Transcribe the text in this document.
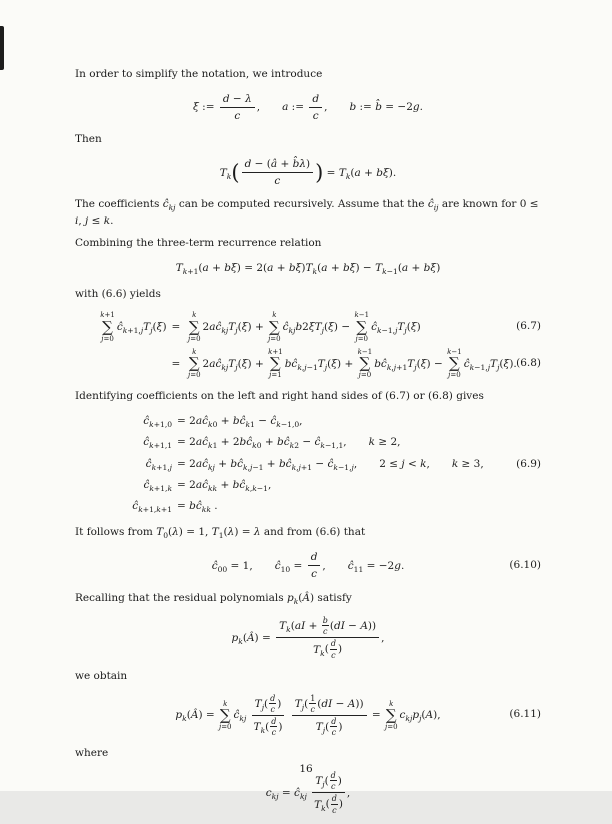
In order to simplify the notation, we introduce

ξ := $\frac{d - \lambda}{c}$ , a := $\frac{d}{c}$ , b := b̂ = −2g.

Then

$T_k( \frac{d - (â + b̂\lambda)}{c}$ ) = $T_k(a + b\xi)$.

The coefficients $ĉ_{kj}$ can be computed recursively. Assume that the $ĉ_{ij}$ are known for 0 ≤ i, j ≤ k.

Combining the three-term recurrence relation

$T_{k+1}(a + b\xi) = 2(a + b\xi)T_k(a + b\xi) - T_{k-1}(a + b\xi)$

with (6.6) yields

k+1
∑
j=0
$ĉ_{k+1,j}T_j(\xi)$ =
k
∑
j=0
$2aĉ_{kj}T_j(\xi)$ +
k
∑
j=0
$ĉ_{kj}b2\xi T_j(\xi)$ −
k−1
∑
j=0
$ĉ_{k-1,j}T_j(\xi)$
=
k
∑
j=0
$2aĉ_{kj}T_j(\xi)$ +
k+1
∑
j=1
$bĉ_{k,j-1}T_j(\xi)$ +
k−1
∑
j=0
$bĉ_{k,j+1}T_j(\xi)$ −
k−1
∑
j=0
$ĉ_{k-1,j}T_j(\xi)$.
(6.7)
(6.8)

Identifying coefficients on the left and right hand sides of (6.7) or (6.8) gives

$ĉ_{k+1,0}$ = $2aĉ_{k0}$ + $bĉ_{k1}$ − $ĉ_{k-1,0}$,
$ĉ_{k+1,1}$ = $2aĉ_{k1}$ + $2bĉ_{k0}$ + $bĉ_{k2}$ − $ĉ_{k-1,1}$, k ≥ 2,
$ĉ_{k+1,j}$ = $2aĉ_{kj}$ + $bĉ_{k,j-1}$ + $bĉ_{k,j+1}$ − $ĉ_{k-1,j}$, 2 ≤ j < k, k ≥ 3,
$ĉ_{k+1,k}$ = $2aĉ_{kk}$ + $bĉ_{k,k-1}$,
$ĉ_{k+1,k+1}$ = $bĉ_{kk}$ .
(6.9)

It follows from $T_0(\lambda) = 1$, $T_1(\lambda) = \lambda$ and from (6.6) that

$ĉ_{00} = 1$, $ĉ_{10} = \frac{d}{c}$ , $ĉ_{11} = -2g$.	(6.10)

Recalling that the residual polynomials $p_k(Â)$ satisfy

$p_k(Â) = \frac{T_k(aI + \frac{b}{c} (dI - A))}{T_k( \frac{d}{c} )}$ ,

we obtain

$p_k(Â)$ =
k
∑
j=0
$ĉ_{kj} \frac{T_j( \frac{d}{c} )}{T_k( \frac{d}{c} )}$
$\frac{T_j( \frac{1}{c} (dI - A))}{T_j( \frac{d}{c} )}$ =
k
∑
j=0
$c_{kj}p_j(A)$,	(6.11)

where

$c_{kj}$ = $ĉ_{kj} \frac{T_j( \frac{d}{c} )}{T_k( \frac{d}{c} )}$ ,
16
